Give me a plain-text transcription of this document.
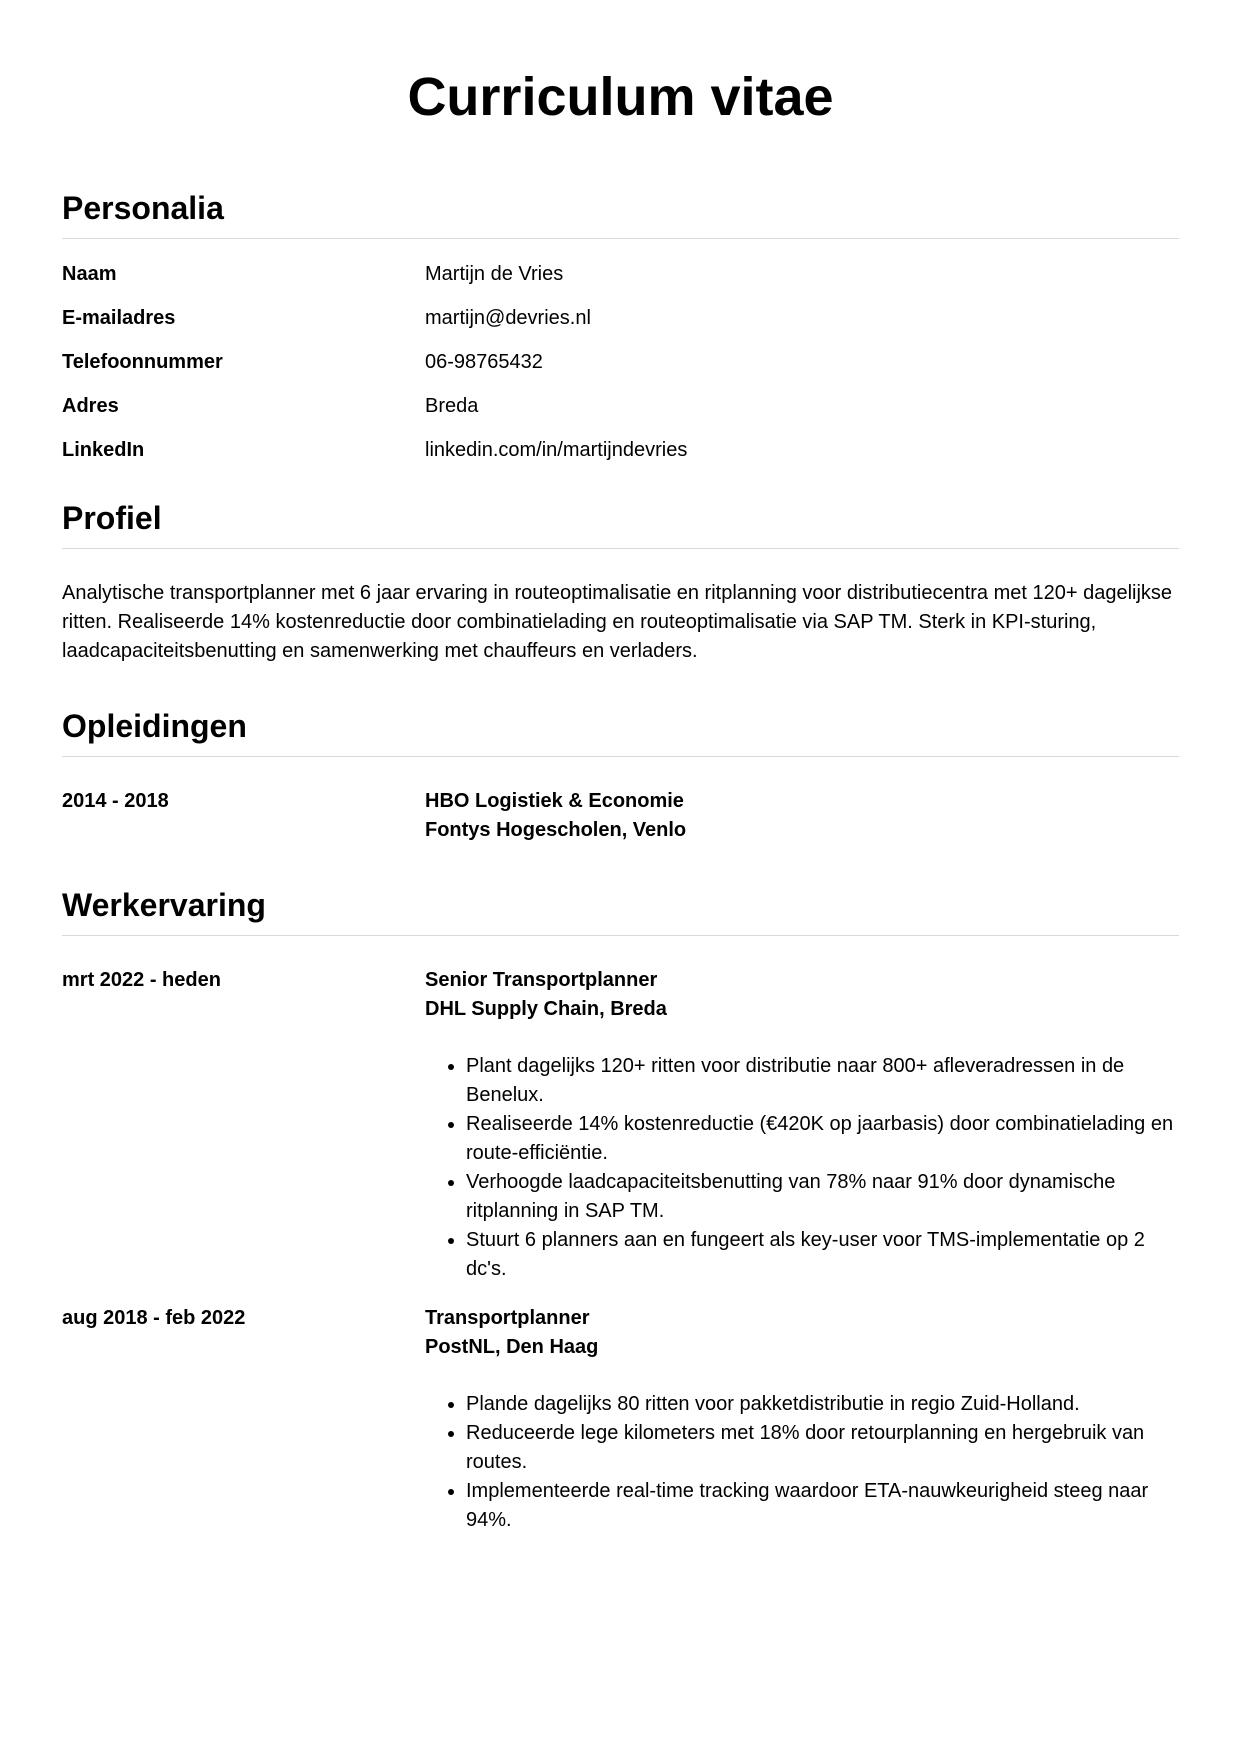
Curriculum vitae
Personalia
Naam	Martijn de Vries
E-mailadres	martijn@devries.nl
Telefoonnummer	06-98765432
Adres	Breda
LinkedIn	linkedin.com/in/martijndevries
Profiel

Analytische transportplanner met 6 jaar ervaring in routeoptimalisatie en ritplanning voor distributiecentra met 120+ dagelijkse ritten. Realiseerde 14% kostenreductie door combinatielading en routeoptimalisatie via SAP TM. Sterk in KPI-sturing, laadcapaciteitsbenutting en samenwerking met chauffeurs en verladers.

Opleidingen
2014 - 2018	HBO Logistiek & Economie
Fontys Hogescholen, Venlo
Werkervaring
mrt 2022 - heden	Senior Transportplanner
DHL Supply Chain, Breda
• Plant dagelijks 120+ ritten voor distributie naar 800+ afleveradressen in de Benelux.
• Realiseerde 14% kostenreductie (€420K op jaarbasis) door combinatielading en route-efficiëntie.
• Verhoogde laadcapaciteitsbenutting van 78% naar 91% door dynamische ritplanning in SAP TM.
• Stuurt 6 planners aan en fungeert als key-user voor TMS-implementatie op 2 dc's.
aug 2018 - feb 2022	Transportplanner
PostNL, Den Haag
• Plande dagelijks 80 ritten voor pakketdistributie in regio Zuid-Holland.
• Reduceerde lege kilometers met 18% door retourplanning en hergebruik van routes.
• Implementeerde real-time tracking waardoor ETA-nauwkeurigheid steeg naar 94%.
